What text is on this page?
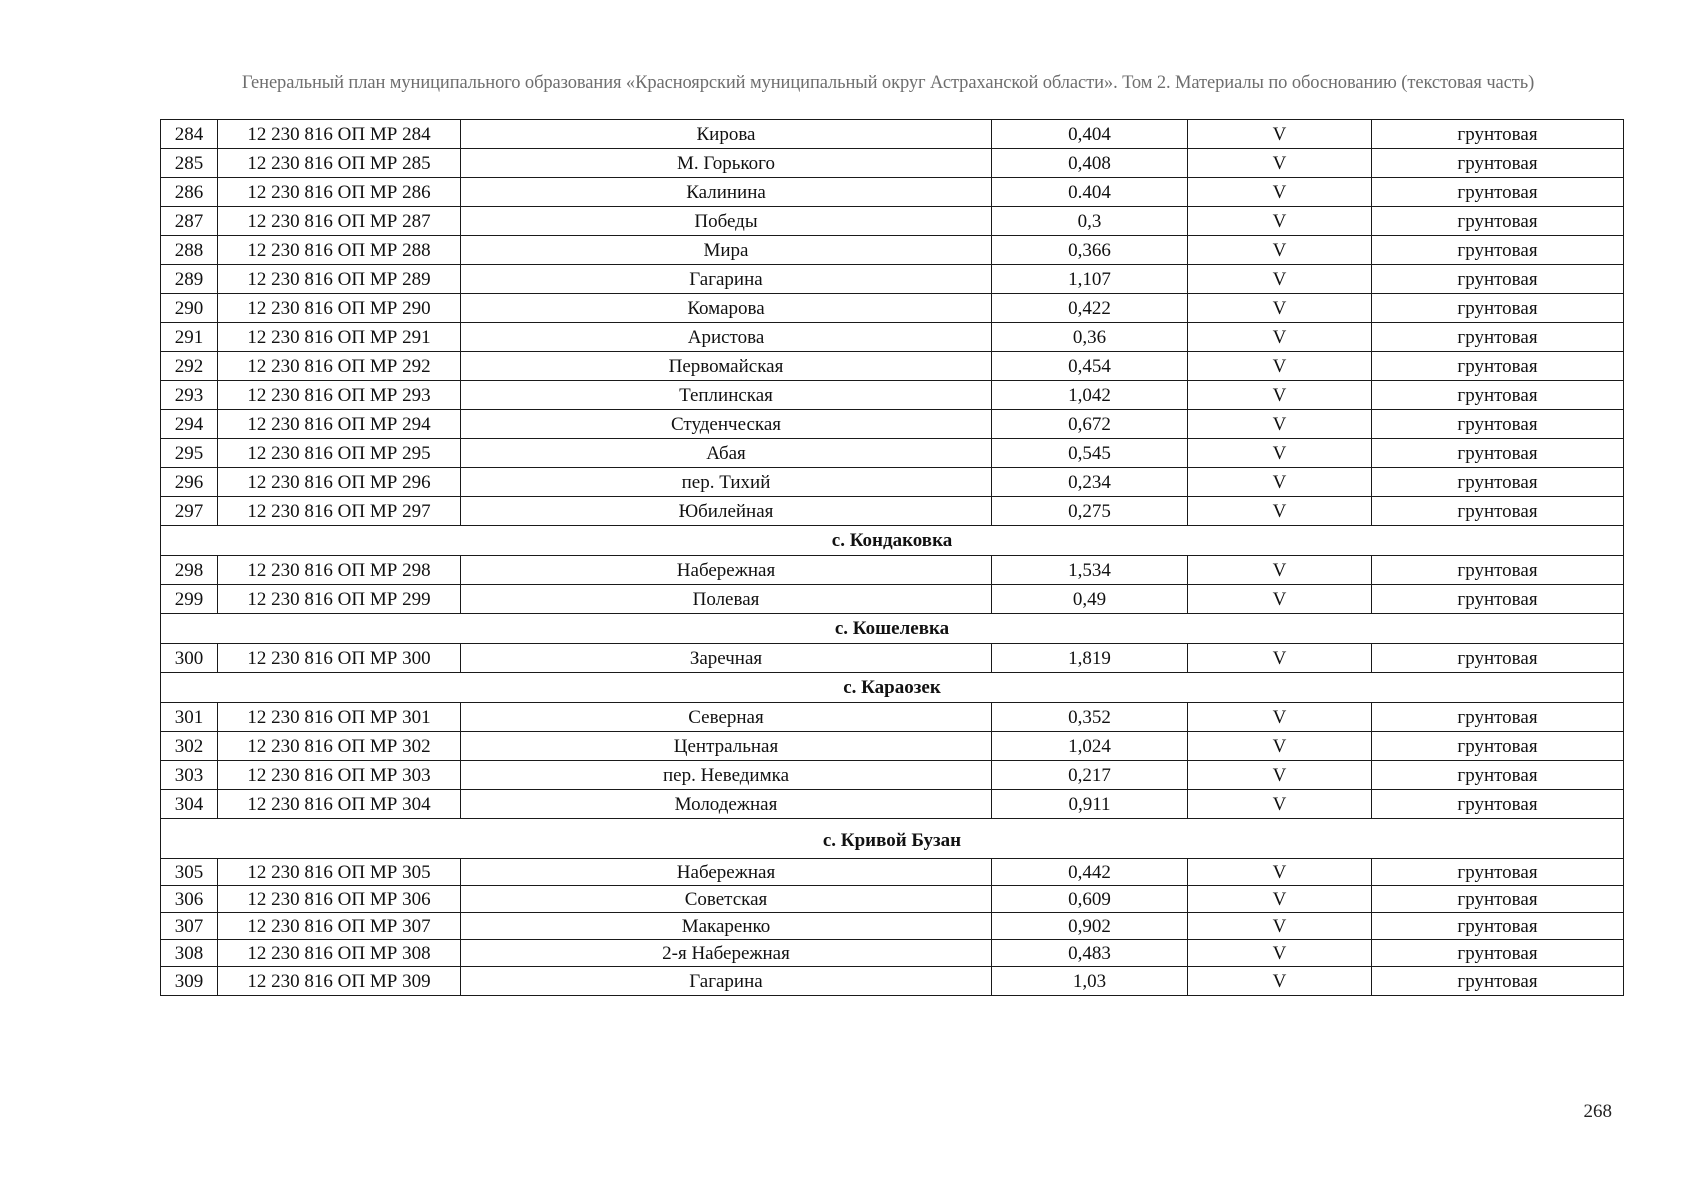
Генеральный план муниципального образования «Красноярский муниципальный округ Астраханской области». Том 2. Материалы по обоснованию (текстовая часть)
284	12 230 816 ОП МР 284	Кирова	0,404	V	грунтовая
285	12 230 816 ОП МР 285	М. Горького	0,408	V	грунтовая
286	12 230 816 ОП МР 286	Калинина	0.404	V	грунтовая
287	12 230 816 ОП МР 287	Победы	0,3	V	грунтовая
288	12 230 816 ОП МР 288	Мира	0,366	V	грунтовая
289	12 230 816 ОП МР 289	Гагарина	1,107	V	грунтовая
290	12 230 816 ОП МР 290	Комарова	0,422	V	грунтовая
291	12 230 816 ОП МР 291	Аристова	0,36	V	грунтовая
292	12 230 816 ОП МР 292	Первомайская	0,454	V	грунтовая
293	12 230 816 ОП МР 293	Теплинская	1,042	V	грунтовая
294	12 230 816 ОП МР 294	Студенческая	0,672	V	грунтовая
295	12 230 816 ОП МР 295	Абая	0,545	V	грунтовая
296	12 230 816 ОП МР 296	пер. Тихий	0,234	V	грунтовая
297	12 230 816 ОП МР 297	Юбилейная	0,275	V	грунтовая
с. Кондаковка					
298	12 230 816 ОП МР 298	Набережная	1,534	V	грунтовая
299	12 230 816 ОП МР 299	Полевая	0,49	V	грунтовая
с. Кошелевка					
300	12 230 816 ОП МР 300	Заречная	1,819	V	грунтовая
с. Караозек					
301	12 230 816 ОП МР 301	Северная	0,352	V	грунтовая
302	12 230 816 ОП МР 302	Центральная	1,024	V	грунтовая
303	12 230 816 ОП МР 303	пер. Неведимка	0,217	V	грунтовая
304	12 230 816 ОП МР 304	Молодежная	0,911	V	грунтовая
с. Кривой Бузан					
305	12 230 816 ОП МР 305	Набережная	0,442	V	грунтовая
306	12 230 816 ОП МР 306	Советская	0,609	V	грунтовая
307	12 230 816 ОП МР 307	Макаренко	0,902	V	грунтовая
308	12 230 816 ОП МР 308	2-я Набережная	0,483	V	грунтовая
309	12 230 816 ОП МР 309	Гагарина	1,03	V	грунтовая
268
